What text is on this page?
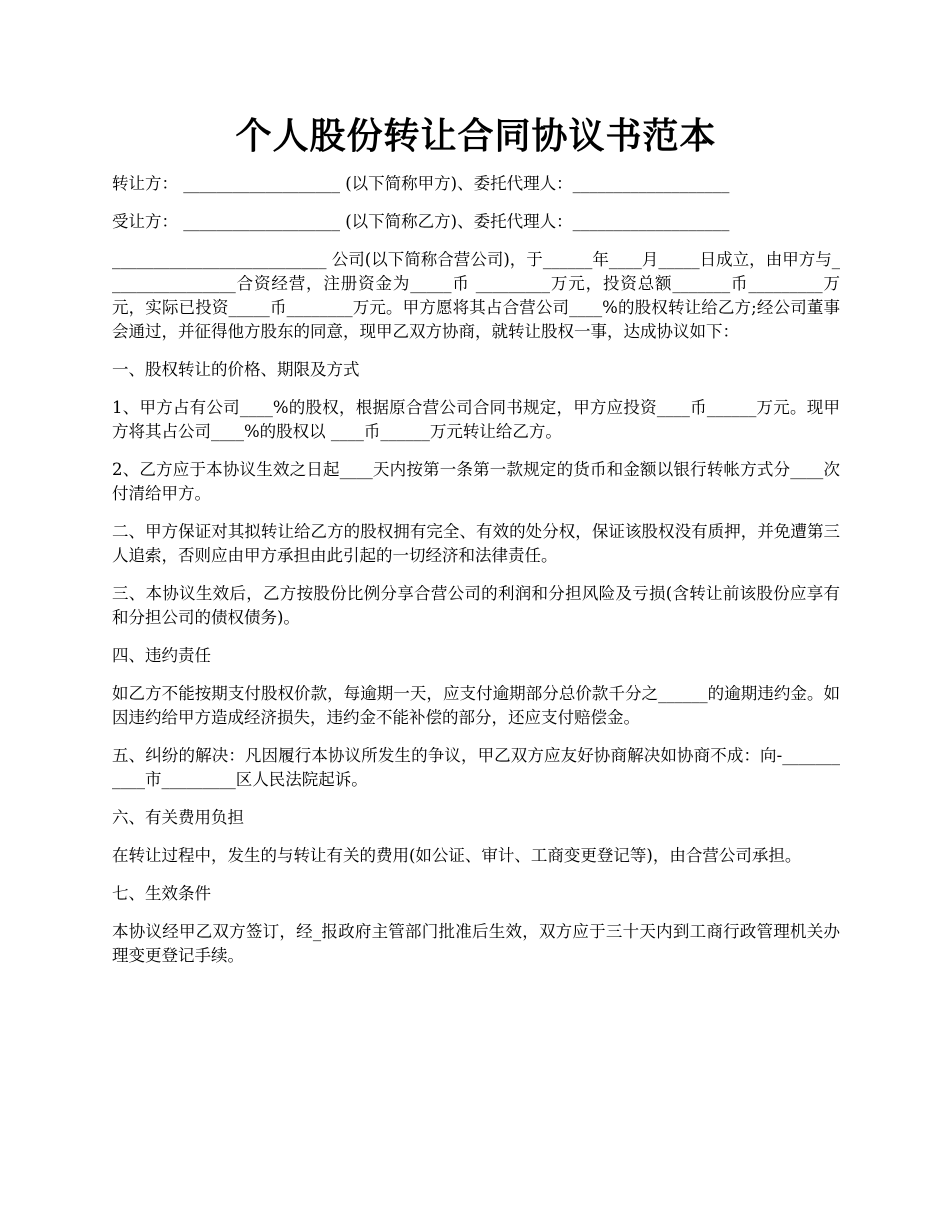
个人股份转让合同协议书范本

转让方： ___________________ (以下简称甲方)、委托代理人：___________________

受让方： ___________________ (以下简称乙方)、委托代理人：___________________

__________________________ 公司(以下简称合营公司)，于______年____月_____日成立，由甲方与________________合资经营，注册资金为_____币 _________万元，投资总额_______币_________万元，实际已投资_____币________万元。甲方愿将其占合营公司____%的股权转让给乙方;经公司董事会通过，并征得他方股东的同意，现甲乙双方协商，就转让股权一事，达成协议如下：

一、股权转让的价格、期限及方式

1、甲方占有公司____%的股权，根据原合营公司合同书规定，甲方应投资____币______万元。现甲方将其占公司____%的股权以 ____币______万元转让给乙方。

2、乙方应于本协议生效之日起____天内按第一条第一款规定的货币和金额以银行转帐方式分____次付清给甲方。

二、甲方保证对其拟转让给乙方的股权拥有完全、有效的处分权，保证该股权没有质押，并免遭第三人追索，否则应由甲方承担由此引起的一切经济和法律责任。

三、本协议生效后，乙方按股份比例分享合营公司的利润和分担风险及亏损(含转让前该股份应享有和分担公司的债权债务)。

四、违约责任

如乙方不能按期支付股权价款，每逾期一天，应支付逾期部分总价款千分之______的逾期违约金。如因违约给甲方造成经济损失，违约金不能补偿的部分，还应支付赔偿金。

五、纠纷的解决：凡因履行本协议所发生的争议，甲乙双方应友好协商解决如协商不成：向-___________市_________区人民法院起诉。

六、有关费用负担

在转让过程中，发生的与转让有关的费用(如公证、审计、工商变更登记等)，由合营公司承担。

七、生效条件

本协议经甲乙双方签订，经_报政府主管部门批准后生效，双方应于三十天内到工商行政管理机关办理变更登记手续。
